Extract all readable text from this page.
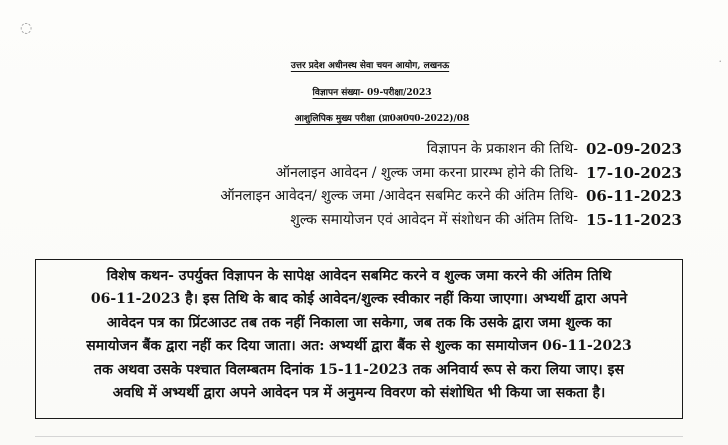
◌
·
उत्तर प्रदेश अधीनस्थ सेवा चयन आयोग, लखनऊ
विज्ञापन संख्या- 09-परीक्षा/2023
आशुलिपिक मुख्य परीक्षा (प्रा0अ0प0-2022)/08
विज्ञापन के प्रकाशन की तिथि- 02-09-2023
ऑनलाइन आवेदन / शुल्क जमा करना प्रारम्भ होने की तिथि- 17-10-2023
ऑनलाइन आवेदन/ शुल्क जमा /आवेदन सबमिट करने की अंतिम तिथि- 06-11-2023
शुल्क समायोजन एवं आवेदन में संशोधन की अंतिम तिथि- 15-11-2023
विशेष कथन- उपर्युक्त विज्ञापन के सापेक्ष आवेदन सबमिट करने व शुल्क जमा करने की अंतिम तिथि
06-11-2023 है। इस तिथि के बाद कोई आवेदन/शुल्क स्वीकार नहीं किया जाएगा। अभ्यर्थी द्वारा अपने
आवेदन पत्र का प्रिंटआउट तब तक नहीं निकाला जा सकेगा, जब तक कि उसके द्वारा जमा शुल्क का
समायोजन बैंक द्वारा नहीं कर दिया जाता। अत: अभ्यर्थी द्वारा बैंक से शुल्क का समायोजन 06-11-2023
तक अथवा उसके पश्चात विलम्बतम दिनांक 15-11-2023 तक अनिवार्य रूप से करा लिया जाए। इस
अवधि में अभ्यर्थी द्वारा अपने आवेदन पत्र में अनुमन्य विवरण को संशोधित भी किया जा सकता है।
